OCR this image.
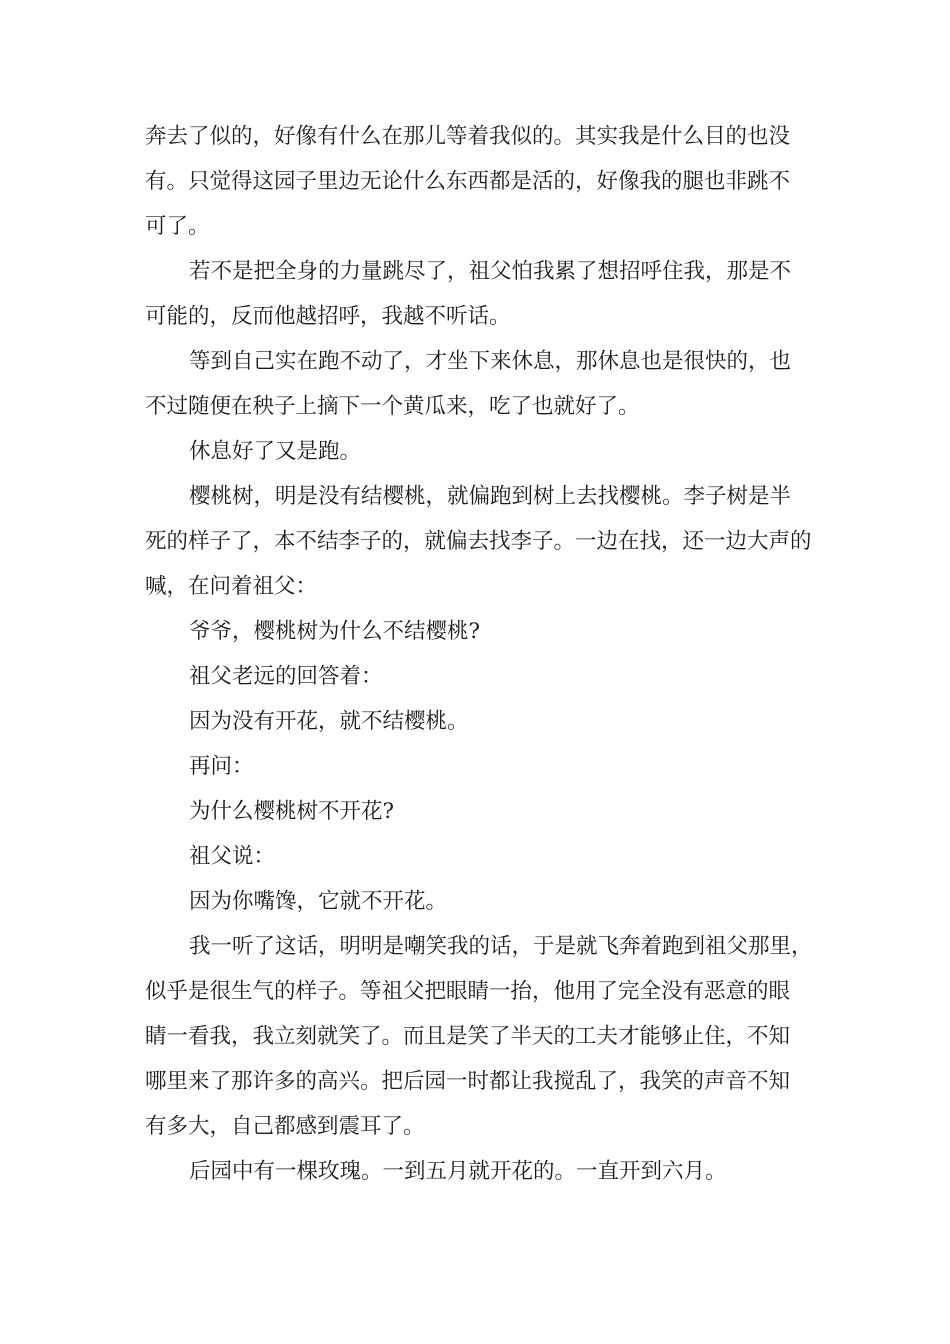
奔去了似的，好像有什么在那儿等着我似的。其实我是什么目的也没
有。只觉得这园子里边无论什么东西都是活的，好像我的腿也非跳不
可了。
若不是把全身的力量跳尽了，祖父怕我累了想招呼住我，那是不
可能的，反而他越招呼，我越不听话。
等到自己实在跑不动了，才坐下来休息，那休息也是很快的，也
不过随便在秧子上摘下一个黄瓜来，吃了也就好了。
休息好了又是跑。
樱桃树，明是没有结樱桃，就偏跑到树上去找樱桃。李子树是半
死的样子了，本不结李子的，就偏去找李子。一边在找，还一边大声的
喊，在问着祖父：
爷爷，樱桃树为什么不结樱桃?
祖父老远的回答着：
因为没有开花，就不结樱桃。
再问：
为什么樱桃树不开花?
祖父说：
因为你嘴馋，它就不开花。
我一听了这话，明明是嘲笑我的话，于是就飞奔着跑到祖父那里，
似乎是很生气的样子。等祖父把眼睛一抬，他用了完全没有恶意的眼
睛一看我，我立刻就笑了。而且是笑了半天的工夫才能够止住，不知
哪里来了那许多的高兴。把后园一时都让我搅乱了，我笑的声音不知
有多大，自己都感到震耳了。
后园中有一棵玫瑰。一到五月就开花的。一直开到六月。
